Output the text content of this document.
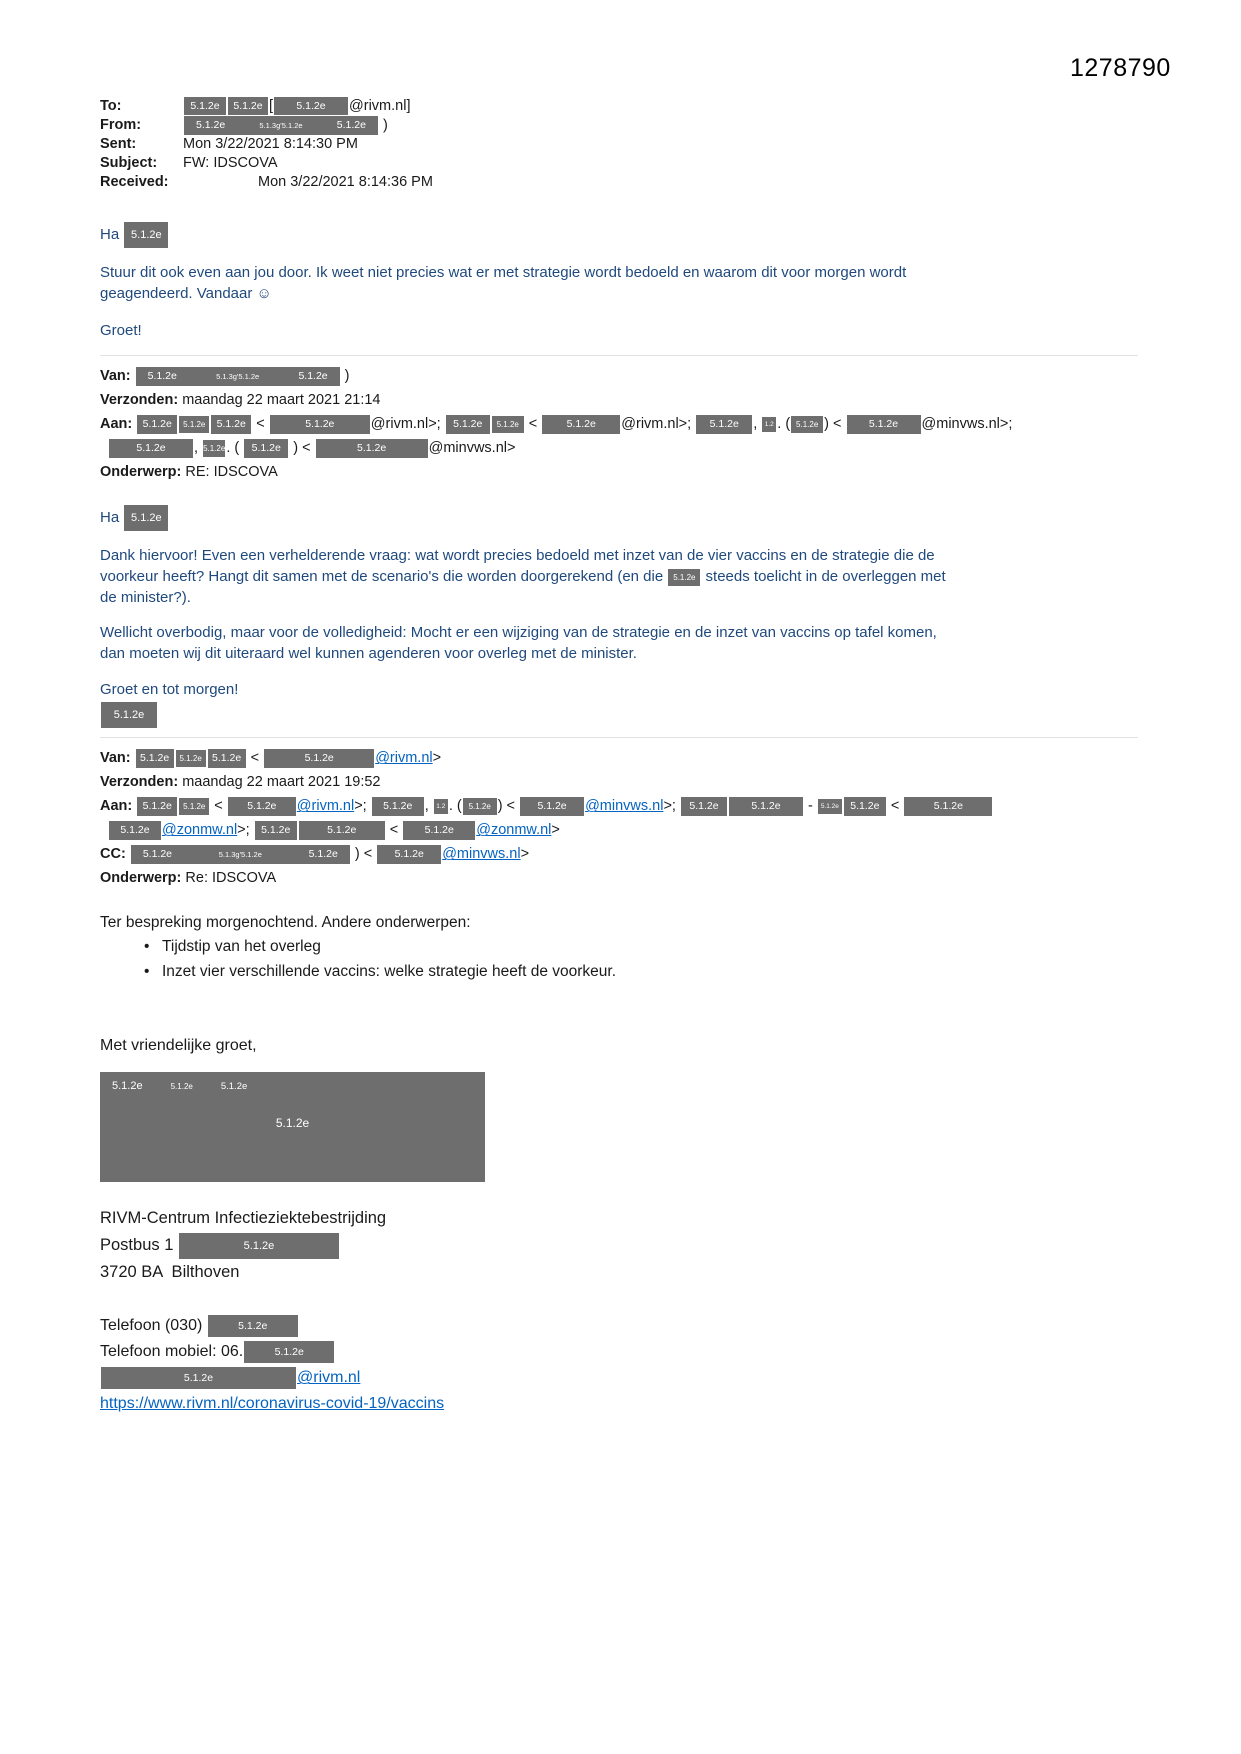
1278790
To:	5.1.2e 5.1.2e [ 5.1.2e @rivm.nl]
From:	5.1.2e	5.1.3g'5.1.2e	5.1.2e )
Sent:	Mon 3/22/2021 8:14:30 PM
Subject:	FW: IDSCOVA
Received:	Mon 3/22/2021 8:14:36 PM
Ha 5.1.2e
Stuur dit ook even aan jou door. Ik weet niet precies wat er met strategie wordt bedoeld en waarom dit voor morgen wordt
geagendeerd. Vandaar ☺
Groet!
Van: 5.1.2e	5.1.3g'5.1.2e	5.1.2e )
Verzonden: maandag 22 maart 2021 21:14
Aan: 5.1.2e 5.1.2e 5.1.2e <	5.1.2e	@rivm.nl>; 5.1.2e 5.1.2e < 5.1.2e @rivm.nl>; 5.1.2e , 1.2 . ( 5.1.2e ) < 5.1.2e @minvws.nl>;
5.1.2e , 5.1.2e. ( 5.1.2e ) <	5.1.2e	@minvws.nl>
Onderwerp: RE: IDSCOVA
Ha 5.1.2e
Dank hiervoor! Even een verhelderende vraag: wat wordt precies bedoeld met inzet van de vier vaccins en de strategie die de
voorkeur heeft? Hangt dit samen met de scenario's die worden doorgerekend (en die 5.1.2e steeds toelicht in de overleggen met
de minister?).
Wellicht overbodig, maar voor de volledigheid: Mocht er een wijziging van de strategie en de inzet van vaccins op tafel komen,
dan moeten wij dit uiteraard wel kunnen agenderen voor overleg met de minister.
Groet en tot morgen!
5.1.2e
Van: 5.1.2e 5.1.2e 5.1.2e <	5.1.2e	@rivm.nl>
Verzonden: maandag 22 maart 2021 19:52
Aan: 5.1.2e 5.1.2e < 5.1.2e @rivm.nl>; 5.1.2e , 1.2 . ( 5.1.2e ) < 5.1.2e @minvws.nl>; 5.1.2e	5.1.2e - 5.1.2e 5.1.2e <	5.1.2e
5.1.2e @zonmw.nl>; 5.1.2e	5.1.2e < 5.1.2e @zonmw.nl>
CC: 5.1.2e	5.1.3g'5.1.2e	5.1.2e ) < 5.1.2e @minvws.nl>
Onderwerp: Re: IDSCOVA
Ter bespreking morgenochtend. Andere onderwerpen:
• Tijdstip van het overleg
• Inzet vier verschillende vaccins: welke strategie heeft de voorkeur.
Met vriendelijke groet,
5.1.2e	5.1.2e	5.1.2e
5.1.2e
RIVM-Centrum Infectieziektebestrijding
Postbus 1	5.1.2e
3720 BA  Bilthoven
Telefoon (030)	5.1.2e
Telefoon mobiel: 06.	5.1.2e
5.1.2e	@rivm.nl
https://www.rivm.nl/coronavirus-covid-19/vaccins
